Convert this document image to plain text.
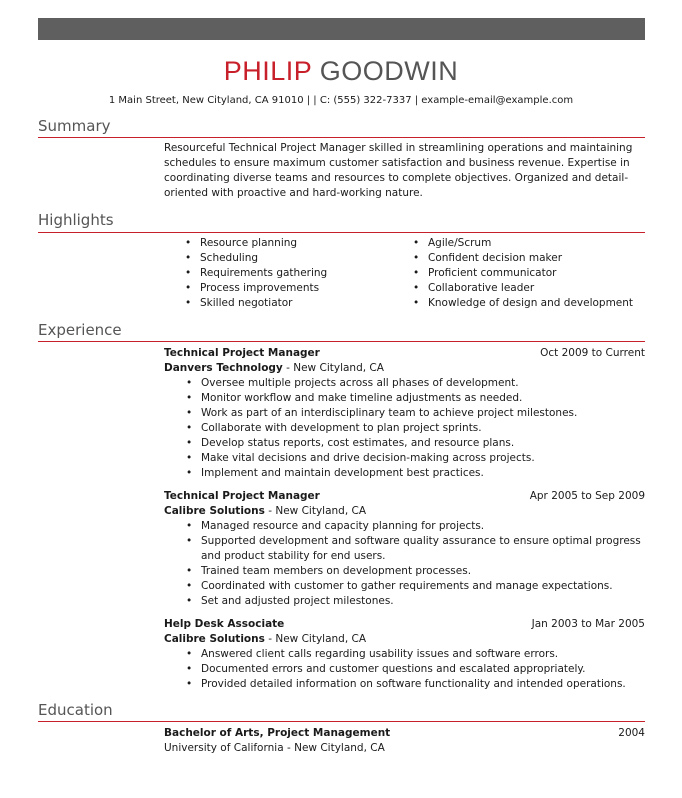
PHILIP GOODWIN
1 Main Street, New Cityland, CA 91010 | | C: (555) 322-7337 | example-email@example.com
Summary
Resourceful Technical Project Manager skilled in streamlining operations and maintaining
schedules to ensure maximum customer satisfaction and business revenue. Expertise in
coordinating diverse teams and resources to complete objectives. Organized and detail-
oriented with proactive and hard-working nature.
Highlights
• Resource planning
• Scheduling
• Requirements gathering
• Process improvements
• Skilled negotiator
• Agile/Scrum
• Confident decision maker
• Proficient communicator
• Collaborative leader
• Knowledge of design and development
Experience
Technical Project Manager	Oct 2009 to Current
Danvers Technology - New Cityland, CA
• Oversee multiple projects across all phases of development.
• Monitor workflow and make timeline adjustments as needed.
• Work as part of an interdisciplinary team to achieve project milestones.
• Collaborate with development to plan project sprints.
• Develop status reports, cost estimates, and resource plans.
• Make vital decisions and drive decision-making across projects.
• Implement and maintain development best practices.
Technical Project Manager	Apr 2005 to Sep 2009
Calibre Solutions - New Cityland, CA
• Managed resource and capacity planning for projects.
• Supported development and software quality assurance to ensure optimal progress and product stability for end users.
• Trained team members on development processes.
• Coordinated with customer to gather requirements and manage expectations.
• Set and adjusted project milestones.
Help Desk Associate	Jan 2003 to Mar 2005
Calibre Solutions - New Cityland, CA
• Answered client calls regarding usability issues and software errors.
• Documented errors and customer questions and escalated appropriately.
• Provided detailed information on software functionality and intended operations.
Education
Bachelor of Arts, Project Management	2004
University of California - New Cityland, CA
